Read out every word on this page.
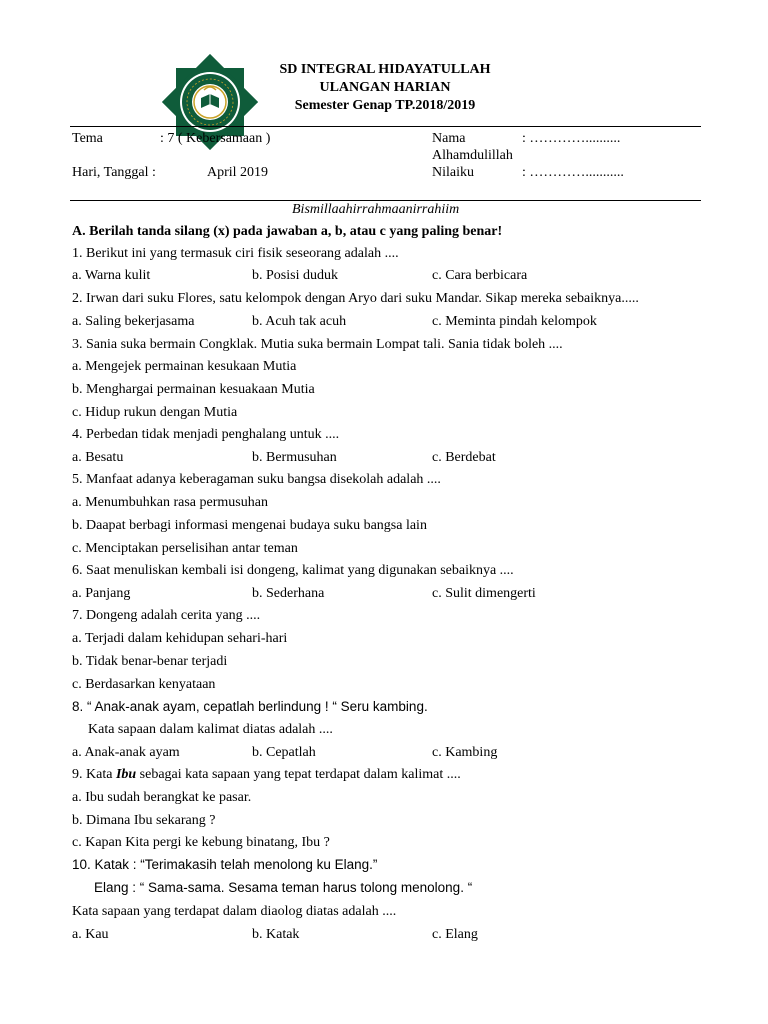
SD INTEGRAL HIDAYATULLAH
ULANGAN HARIAN
Semester Genap TP.2018/2019
Tema	: 7 ( Kebersamaan )	Nama	: …………..........
Alhamdulillah
Hari, Tanggal :	April 2019	Nilaiku	: …………...........
Bismillaahirrahmaanirrahiim
A. Berilah tanda silang (x) pada jawaban a, b, atau c yang paling benar!
1. Berikut ini yang termasuk ciri fisik seseorang adalah ....
a. Warna kulit	b. Posisi duduk	c. Cara berbicara
2. Irwan dari suku Flores, satu kelompok dengan Aryo dari suku Mandar. Sikap mereka sebaiknya.....
a. Saling bekerjasama	b. Acuh tak acuh	c. Meminta pindah kelompok
3. Sania suka bermain Congklak. Mutia suka bermain Lompat tali. Sania tidak boleh ....
a. Mengejek permainan kesukaan Mutia
b. Menghargai permainan kesuakaan Mutia
c. Hidup rukun dengan Mutia
4. Perbedan tidak menjadi penghalang untuk ....
a. Besatu	b. Bermusuhan	c. Berdebat
5. Manfaat adanya keberagaman suku bangsa disekolah adalah ....
a. Menumbuhkan rasa permusuhan
b. Daapat berbagi informasi mengenai budaya suku bangsa lain
c. Menciptakan perselisihan antar teman
6. Saat menuliskan kembali isi dongeng, kalimat yang digunakan sebaiknya ....
a. Panjang	b. Sederhana	c. Sulit dimengerti
7. Dongeng adalah cerita yang ....
a. Terjadi dalam kehidupan sehari-hari
b. Tidak benar-benar terjadi
c. Berdasarkan kenyataan
8. “ Anak-anak ayam, cepatlah berlindung ! “ Seru kambing.
Kata sapaan dalam kalimat diatas adalah ....
a. Anak-anak ayam	b. Cepatlah	c. Kambing
9. Kata Ibu sebagai kata sapaan yang tepat terdapat dalam kalimat ....
a. Ibu sudah berangkat ke pasar.
b. Dimana Ibu sekarang ?
c. Kapan Kita pergi ke kebung binatang, Ibu ?
10. Katak : “Terimakasih telah menolong ku Elang.”
Elang : “ Sama-sama. Sesama teman harus tolong menolong. “
Kata sapaan yang terdapat dalam diaolog diatas adalah ....
a. Kau	b. Katak	c. Elang
